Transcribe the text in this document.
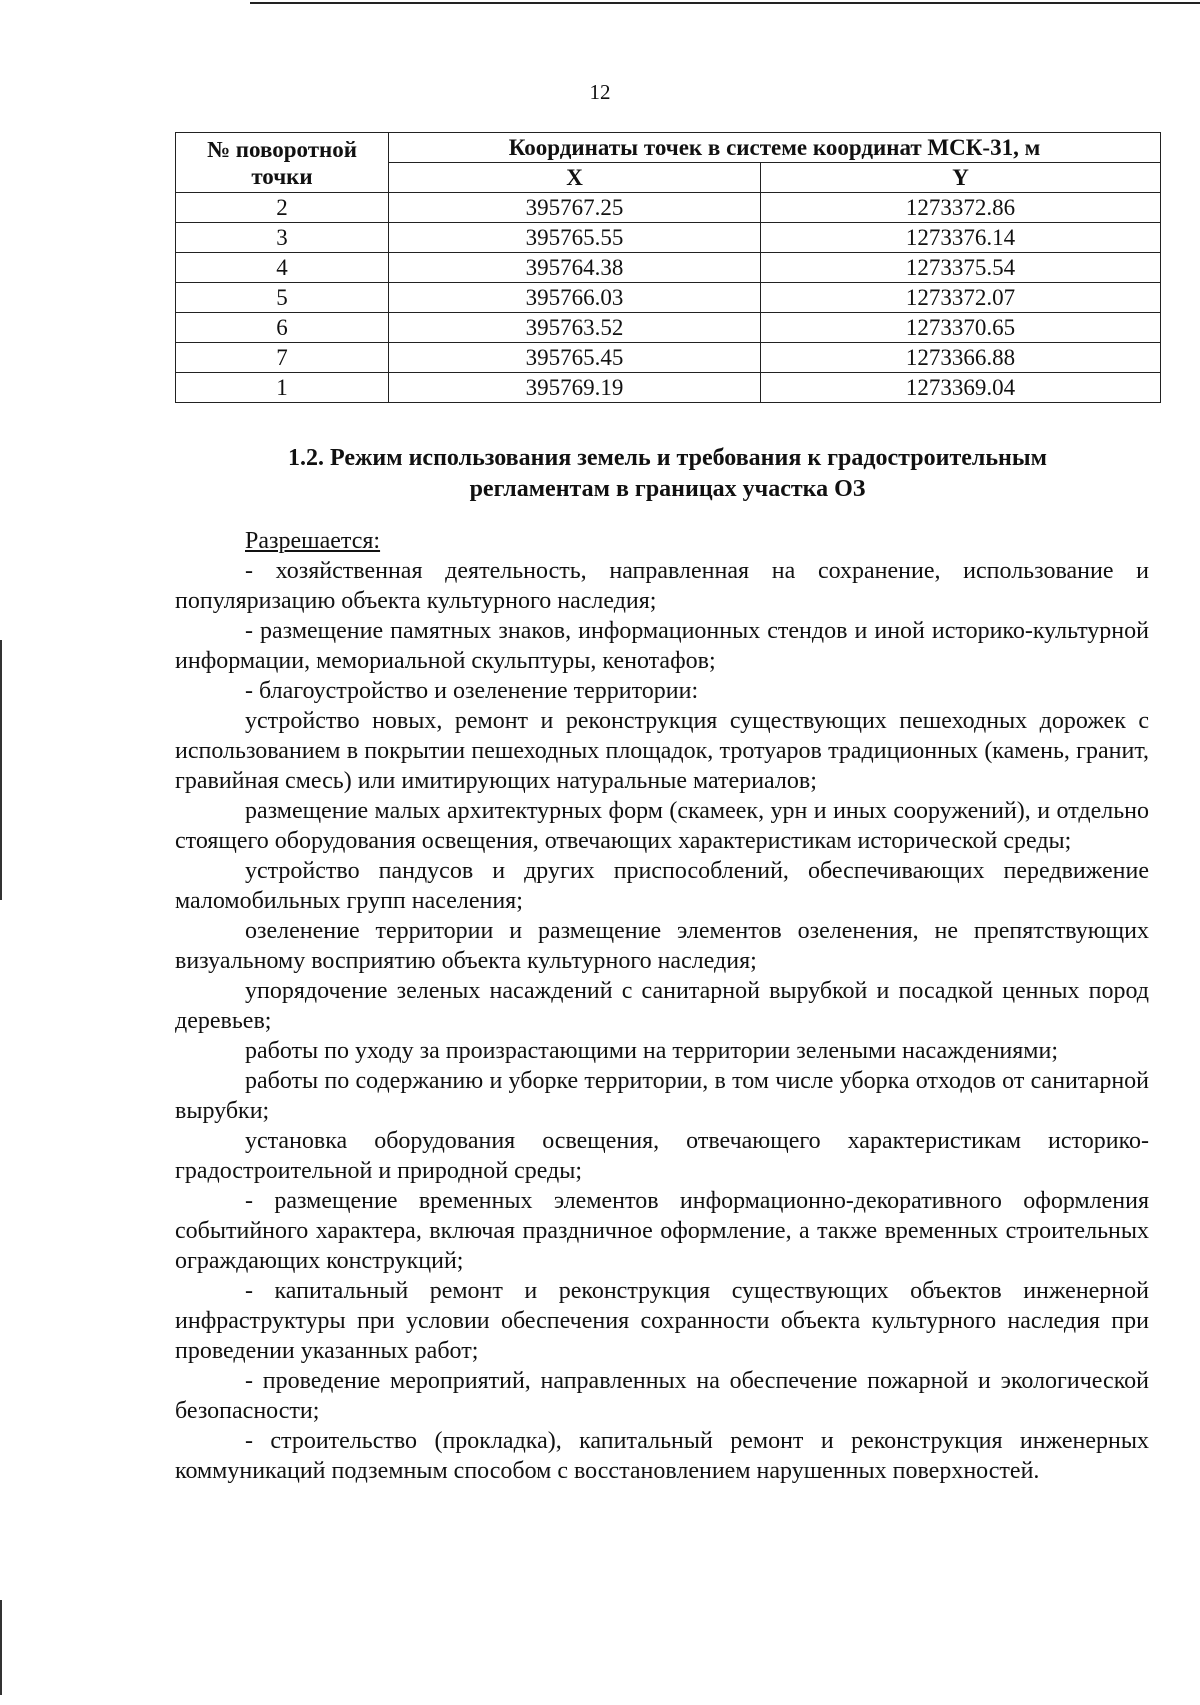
12
№ поворотной точки	Координаты точек в системе координат МСК-31, м	
	X	Y
2	395767.25	1273372.86
3	395765.55	1273376.14
4	395764.38	1273375.54
5	395766.03	1273372.07
6	395763.52	1273370.65
7	395765.45	1273366.88
1	395769.19	1273369.04
1.2. Режим использования земель и требования к градостроительным
регламентам в границах участка ОЗ

Разрешается:

- хозяйственная деятельность, направленная на сохранение, использование и популяризацию объекта культурного наследия;

- размещение памятных знаков, информационных стендов и иной историко-культурной информации, мемориальной скульптуры, кенотафов;

- благоустройство и озеленение территории:

устройство новых, ремонт и реконструкция существующих пешеходных дорожек с использованием в покрытии пешеходных площадок, тротуаров традиционных (камень, гранит, гравийная смесь) или имитирующих натуральные материалов;

размещение малых архитектурных форм (скамеек, урн и иных сооружений), и отдельно стоящего оборудования освещения, отвечающих характеристикам исторической среды;

устройство пандусов и других приспособлений, обеспечивающих передвижение маломобильных групп населения;

озеленение территории и размещение элементов озеленения, не препятствующих визуальному восприятию объекта культурного наследия;

упорядочение зеленых насаждений с санитарной вырубкой и посадкой ценных пород деревьев;

работы по уходу за произрастающими на территории зелеными насаждениями;

работы по содержанию и уборке территории, в том числе уборка отходов от санитарной вырубки;

установка оборудования освещения, отвечающего характеристикам историко-градостроительной и природной среды;

- размещение временных элементов информационно-декоративного оформления событийного характера, включая праздничное оформление, а также временных строительных ограждающих конструкций;

- капитальный ремонт и реконструкция существующих объектов инженерной инфраструктуры при условии обеспечения сохранности объекта культурного наследия при проведении указанных работ;

- проведение мероприятий, направленных на обеспечение пожарной и экологической безопасности;

- строительство (прокладка), капитальный ремонт и реконструкция инженерных коммуникаций подземным способом с восстановлением нарушенных поверхностей.
